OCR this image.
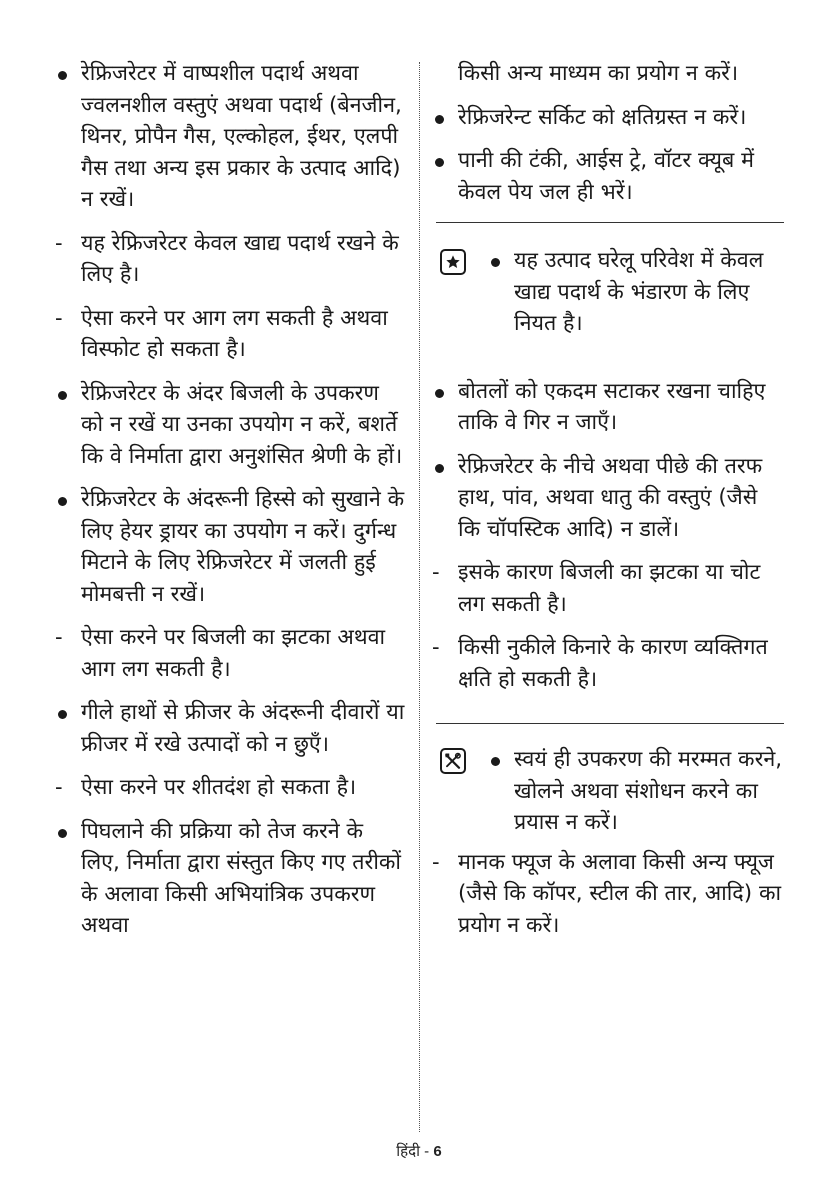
रेफ्रिजरेटर में वाष्पशील पदार्थ अथवा ज्वलनशील वस्तुएं अथवा पदार्थ (बेनजीन, थिनर, प्रोपैन गैस, एल्कोहल, ईथर, एलपी गैस तथा अन्य इस प्रकार के उत्पाद आदि) न रखें।
- यह रेफ्रिजरेटर केवल खाद्य पदार्थ रखने के लिए है।
- ऐसा करने पर आग लग सकती है अथवा विस्फोट हो सकता है।
रेफ्रिजरेटर के अंदर बिजली के उपकरण को न रखें या उनका उपयोग न करें, बशर्ते कि वे निर्माता द्वारा अनुशंसित श्रेणी के हों।
रेफ्रिजरेटर के अंदरूनी हिस्से को सुखाने के लिए हेयर ड्रायर का उपयोग न करें। दुर्गन्ध मिटाने के लिए रेफ्रिजरेटर में जलती हुई मोमबत्ती न रखें।
- ऐसा करने पर बिजली का झटका अथवा आग लग सकती है।
गीले हाथों से फ्रीजर के अंदरूनी दीवारों या फ्रीजर में रखे उत्पादों को न छुएँ।
- ऐसा करने पर शीतदंश हो सकता है।
पिघलाने की प्रक्रिया को तेज करने के लिए, निर्माता द्वारा संस्तुत किए गए तरीकों के अलावा किसी अभियांत्रिक उपकरण अथवा
किसी अन्य माध्यम का प्रयोग न करें।
रेफ्रिजरेन्ट सर्किट को क्षतिग्रस्त न करें।
पानी की टंकी, आईस ट्रे, वॉटर क्यूब में केवल पेय जल ही भरें।
यह उत्पाद घरेलू परिवेश में केवल खाद्य पदार्थ के भंडारण के लिए नियत है।
बोतलों को एकदम सटाकर रखना चाहिए ताकि वे गिर न जाएँ।
रेफ्रिजरेटर के नीचे अथवा पीछे की तरफ हाथ, पांव, अथवा धातु की वस्तुएं (जैसे कि चॉपस्टिक आदि) न डालें।
- इसके कारण बिजली का झटका या चोट लग सकती है।
- किसी नुकीले किनारे के कारण व्यक्तिगत क्षति हो सकती है।
स्वयं ही उपकरण की मरम्मत करने, खोलने अथवा संशोधन करने का प्रयास न करें।
- मानक फ्यूज के अलावा किसी अन्य फ्यूज (जैसे कि कॉपर, स्टील की तार, आदि) का प्रयोग न करें।
हिंदी - 6
